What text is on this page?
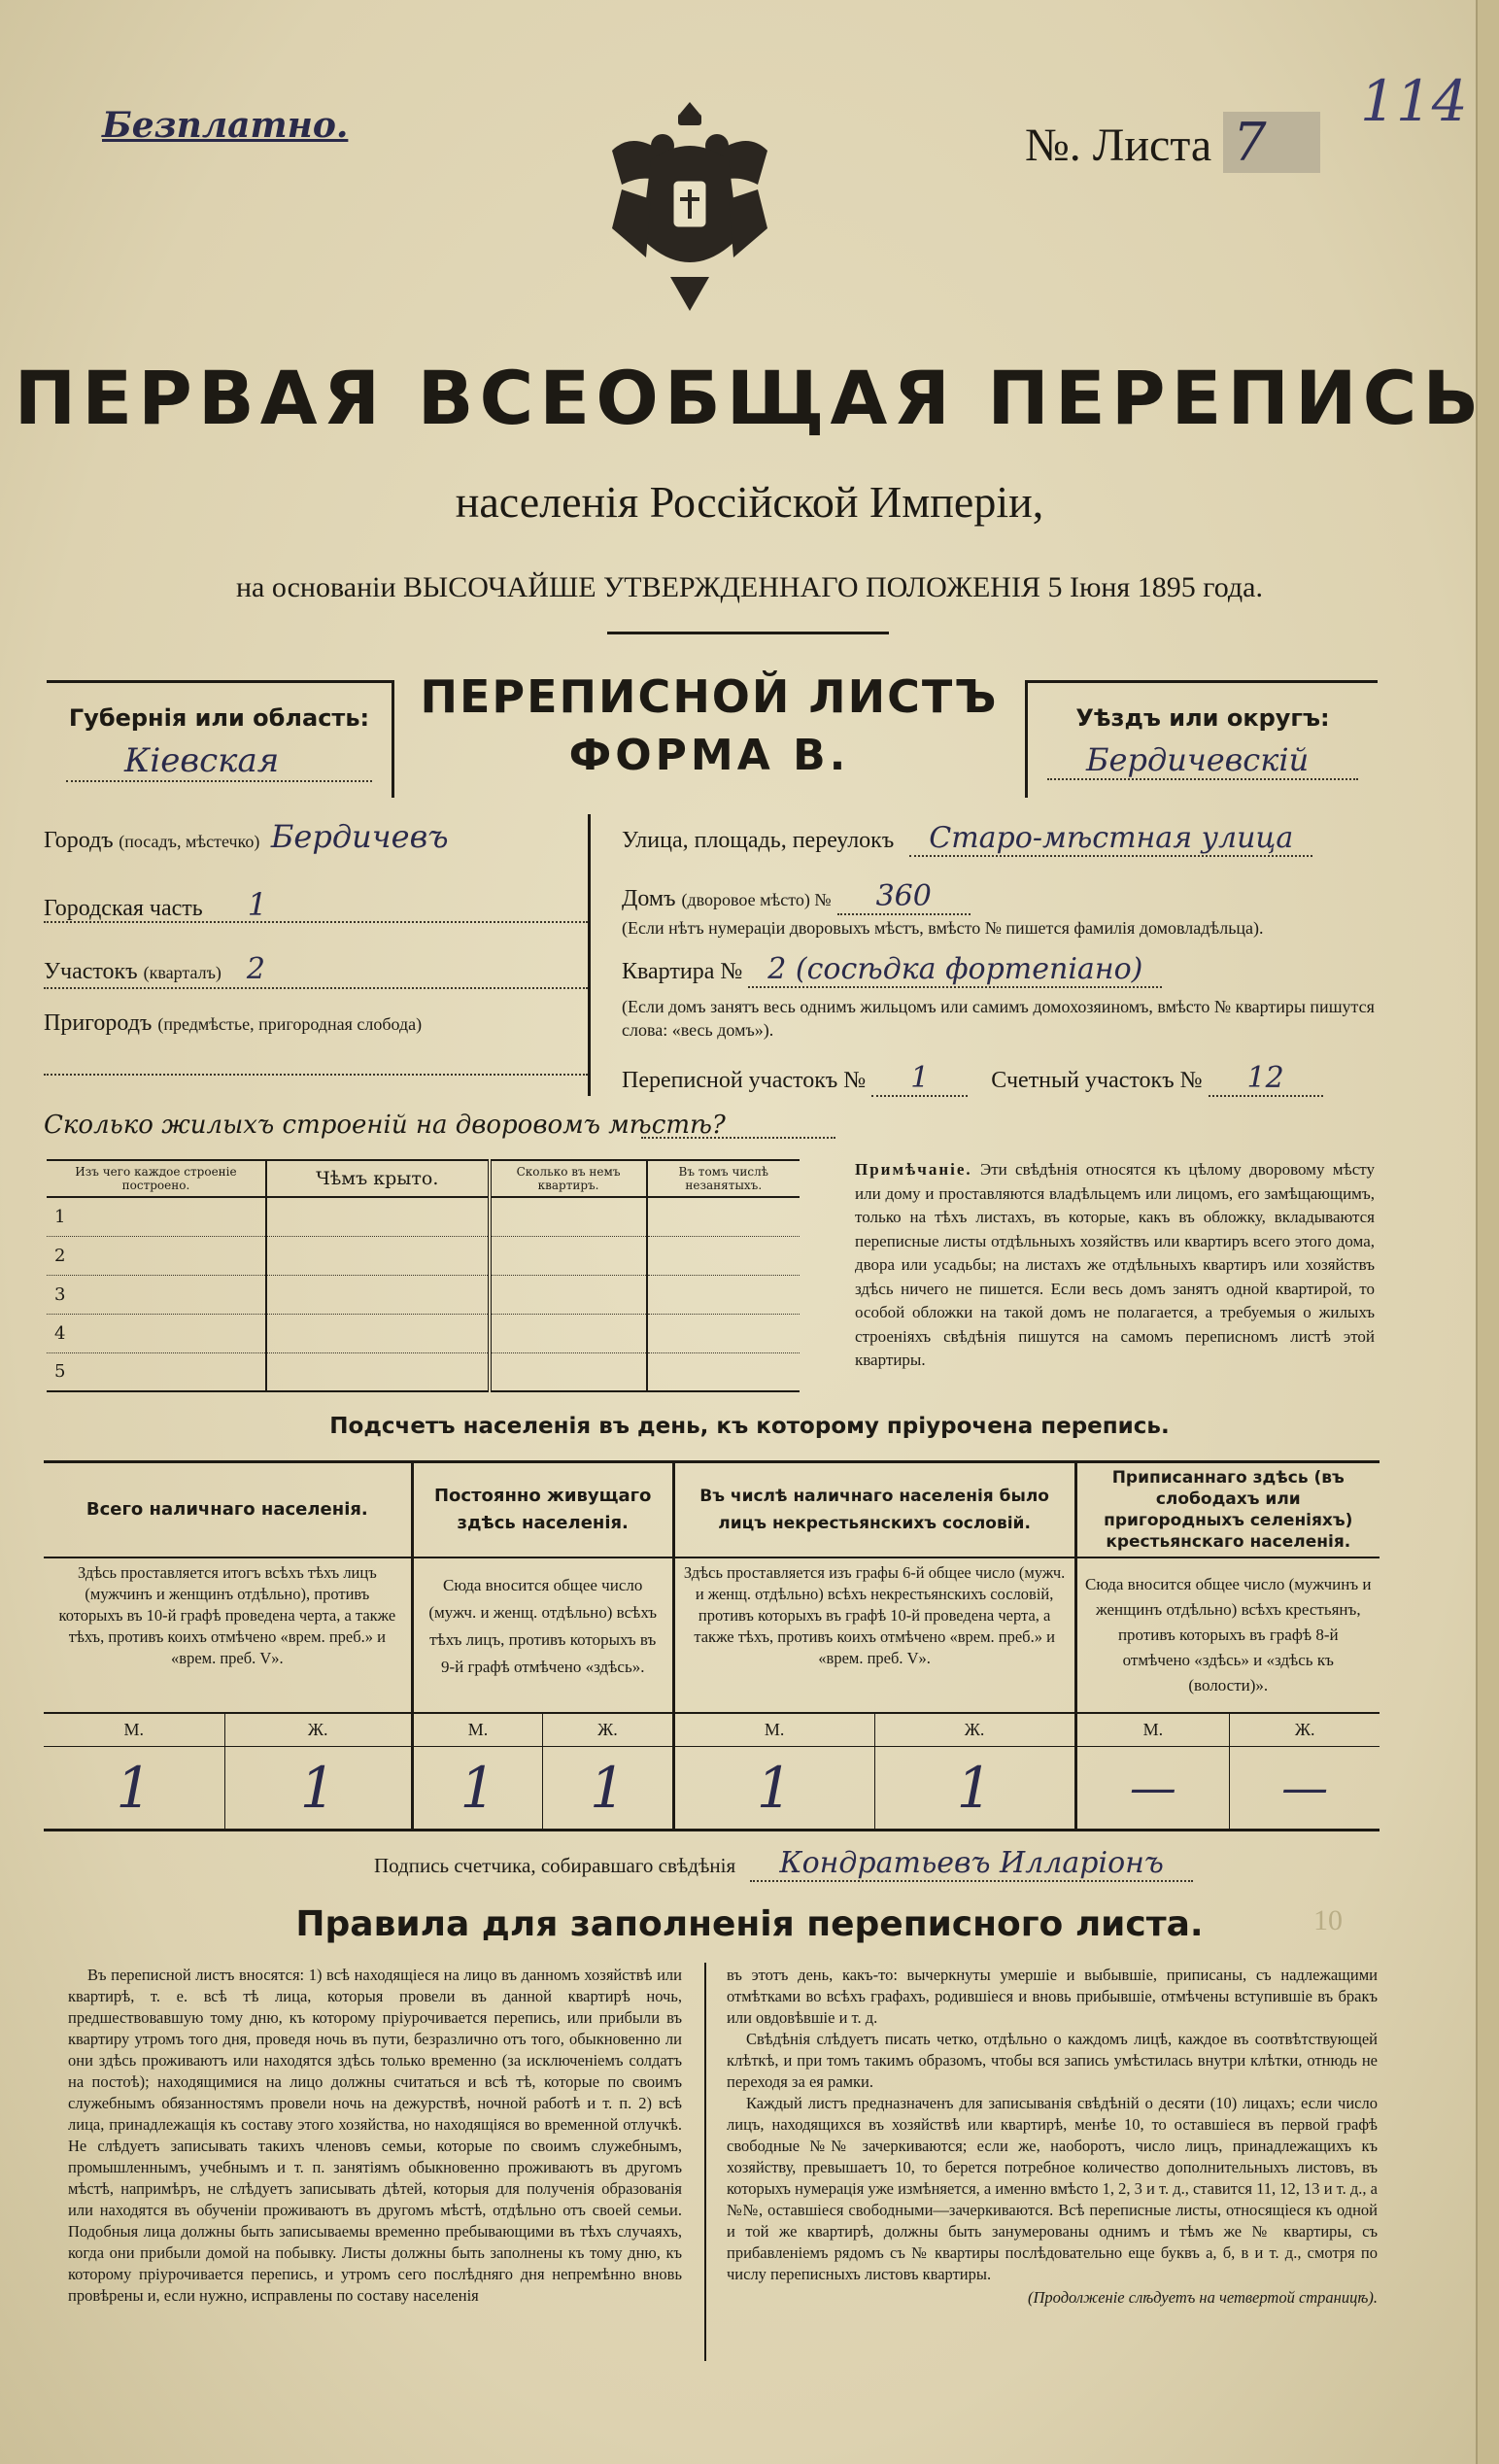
Безплатно.	№. Листа 7
114
ПЕРВАЯ ВСЕОБЩАЯ ПЕРЕПИСЬ
населенія Россійской Имперіи,
на основаніи ВЫСОЧАЙШЕ УТВЕРЖДЕННАГО ПОЛОЖЕНІЯ 5 Іюня 1895 года.
Губернія или область:
Кіевская
ПЕРЕПИСНОЙ ЛИСТЪ
ФОРМА В.
Уѣздъ или округъ:
Бердичевскій
Городъ (посадъ, мѣстечко) Бердичевъ
Городская часть 1
Участокъ (кварталъ) 2
Пригородъ (предмѣстье, пригородная слобода)
Улица, площадь, переулокъ Старо-мѣстная улица
Домъ (дворовое мѣсто) № 360
(Если нѣтъ нумераціи дворовыхъ мѣстъ, вмѣсто № пишется фамилія домовладѣльца).
Квартира № 2 (сосѣдка фортепіано)
(Если домъ занятъ весь однимъ жильцомъ или самимъ домохозяиномъ, вмѣсто № квартиры пишутся слова: «весь домъ»).
Переписной участокъ № 1	Счетный участокъ № 12
Сколько жилыхъ строеній на дворовомъ мѣстѣ?
Изъ чего каждое строеніе построено.	Чѣмъ крыто.	Сколько въ немъ квартиръ.	Въ томъ числѣ незанятыхъ.
1			
2			
3			
4			
5			
Примѣчаніе. Эти свѣдѣнія относятся къ цѣлому дворовому мѣсту или дому и проставляются владѣльцемъ или лицомъ, его замѣщающимъ, только на тѣхъ листахъ, въ которые, какъ въ обложку, вкладываются переписные листы отдѣльныхъ хозяйствъ или квартиръ всего этого дома, двора или усадьбы; на листахъ же отдѣльныхъ квартиръ или хозяйствъ здѣсь ничего не пишется. Если весь домъ занятъ одной квартирой, то особой обложки на такой домъ не полагается, а требуемыя о жилыхъ строеніяхъ свѣдѣнія пишутся на самомъ переписномъ листѣ этой квартиры.
Подсчетъ населенія въ день, къ которому пріурочена перепись.
Всего наличнаго населенія.		Постоянно живущаго здѣсь населенія.		Въ числѣ наличнаго населенія было лицъ некрестьянскихъ сословій.		Приписаннаго здѣсь (въ слободахъ или пригородныхъ селеніяхъ) крестьянскаго населенія.	
Здѣсь проставляется итогъ всѣхъ тѣхъ лицъ (мужчинъ и женщинъ отдѣльно), противъ которыхъ въ 10-й графѣ проведена черта, а также тѣхъ, противъ коихъ отмѣчено «врем. преб.» и «врем. преб. V».		Сюда вносится общее число (мужч. и женщ. отдѣльно) всѣхъ тѣхъ лицъ, противъ которыхъ въ 9-й графѣ отмѣчено «здѣсь».		Здѣсь проставляется изъ графы 6-й общее число (мужч. и женщ. отдѣльно) всѣхъ некрестьянскихъ сословій, противъ которыхъ въ графѣ 10-й проведена черта, а также тѣхъ, противъ коихъ отмѣчено «врем. преб.» и «врем. преб. V».		Сюда вносится общее число (мужчинъ и женщинъ отдѣльно) всѣхъ крестьянъ, противъ которыхъ въ графѣ 8-й отмѣчено «здѣсь» и «здѣсь къ (волости)».	
М.	Ж.	М.	Ж.	М.	Ж.	М.	Ж.
1	1	1	1	1	1	—	—
Подпись счетчика, собиравшаго свѣдѣнія Кондратьевъ Илларіонъ
Правила для заполненія переписного листа.
Въ переписной листъ вносятся: 1) всѣ находящіеся на лицо въ данномъ хозяйствѣ или квартирѣ, т. е. всѣ тѣ лица, которыя провели въ данной квартирѣ ночь, предшествовавшую тому дню, къ которому пріурочивается перепись, или прибыли въ квартиру утромъ того дня, проведя ночь въ пути, безразлично отъ того, обыкновенно ли они здѣсь проживаютъ или находятся здѣсь только временно (за исключеніемъ солдатъ на постоѣ); находящимися на лицо должны считаться и всѣ тѣ, которые по своимъ служебнымъ обязанностямъ провели ночь на дежурствѣ, ночной работѣ и т. п. 2) всѣ лица, принадлежащія къ составу этого хозяйства, но находящіяся во временной отлучкѣ. Не слѣдуетъ записывать такихъ членовъ семьи, которые по своимъ служебнымъ, промышленнымъ, учебнымъ и т. п. занятіямъ обыкновенно проживаютъ въ другомъ мѣстѣ, напримѣръ, не слѣдуетъ записывать дѣтей, которыя для полученія образованія или находятся въ обученіи проживаютъ въ другомъ мѣстѣ, отдѣльно отъ своей семьи. Подобныя лица должны быть записываемы временно пребывающими въ тѣхъ случаяхъ, когда они прибыли домой на побывку. Листы должны быть заполнены къ тому дню, къ которому пріурочивается перепись, и утромъ сего послѣдняго дня непремѣнно вновь провѣрены и, если нужно, исправлены по составу населенія
въ этотъ день, какъ-то: вычеркнуты умершіе и выбывшіе, приписаны, съ надлежащими отмѣтками во всѣхъ графахъ, родившіеся и вновь прибывшіе, отмѣчены вступившіе въ бракъ или овдовѣвшіе и т. д.
Свѣдѣнія слѣдуетъ писать четко, отдѣльно о каждомъ лицѣ, каждое въ соотвѣтствующей клѣткѣ, и при томъ такимъ образомъ, чтобы вся запись умѣстилась внутри клѣтки, отнюдь не переходя за ея рамки.
Каждый листъ предназначенъ для записыванія свѣдѣній о десяти (10) лицахъ; если число лицъ, находящихся въ хозяйствѣ или квартирѣ, менѣе 10, то оставшіеся въ первой графѣ свободные №№ зачеркиваются; если же, наоборотъ, число лицъ, принадлежащихъ къ хозяйству, превышаетъ 10, то берется потребное количество дополнительныхъ листовъ, въ которыхъ нумерація уже измѣняется, а именно вмѣсто 1, 2, 3 и т. д., ставится 11, 12, 13 и т. д., а №№, оставшіеся свободными—зачеркиваются. Всѣ переписные листы, относящіеся къ одной и той же квартирѣ, должны быть занумерованы однимъ и тѣмъ же № квартиры, съ прибавленіемъ рядомъ съ № квартиры послѣдовательно еще буквъ а, б, в и т. д., смотря по числу переписныхъ листовъ квартиры.
(Продолженіе слѣдуетъ на четвертой страницѣ).
10
